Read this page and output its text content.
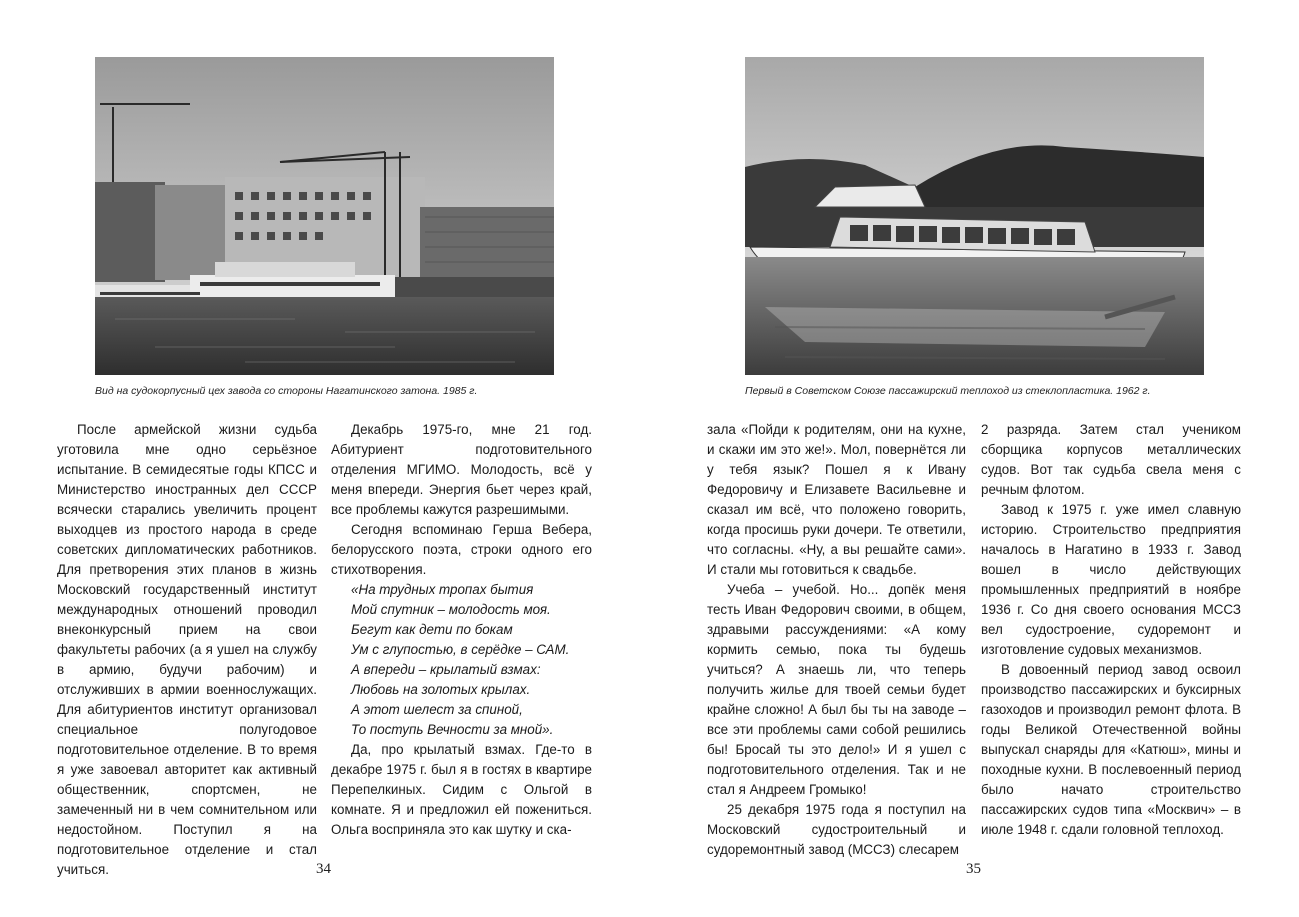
Вид на судокорпусный цех завода со стороны Нагатинского затона. 1985 г.	Первый в Советском Союзе пассажирский теплоход из стеклопластика. 1962 г.

После армейской жизни судьба уготовила мне одно серьёзное испытание. В семидесятые годы КПСС и Министерство иностранных дел СССР всячески старались увеличить процент выходцев из простого народа в среде советских дипломатических работников. Для претворения этих планов в жизнь Московский государственный институт международных отношений проводил внеконкурсный прием на свои факультеты рабочих (а я ушел на службу в армию, будучи рабочим) и отслуживших в армии военнослужащих. Для абитуриентов институт организовал специальное полугодовое подготовительное отделение. В то время я уже завоевал авторитет как активный общественник, спортсмен, не замеченный ни в чем сомнительном или недостойном. Поступил я на подготовительное отделение и стал учиться.

Декабрь 1975-го, мне 21 год. Абитуриент подготовительного отделения МГИМО. Молодость, всё у меня впереди. Энергия бьет через край, все проблемы кажутся разрешимыми.

Сегодня вспоминаю Герша Вебера, белорусского поэта, строки одного его стихотворения.

«На трудных тропах бытия

Мой спутник – молодость моя.

Бегут как дети по бокам

Ум с глупостью, в серёдке – САМ.

А впереди – крылатый взмах:

Любовь на золотых крылах.

А этот шелест за спиной,

То поступь Вечности за мной».

Да, про крылатый взмах. Где-то в декабре 1975 г. был я в гостях в квартире Перепелкиных. Сидим с Ольгой в комнате. Я и предложил ей пожениться. Ольга восприняла это как шутку и ска-

34

зала «Пойди к родителям, они на кухне, и скажи им это же!». Мол, повернётся ли у тебя язык? Пошел я к Ивану Федоровичу и Елизавете Васильевне и сказал им всё, что положено говорить, когда просишь руки дочери. Те ответили, что согласны. «Ну, а вы решайте сами». И стали мы готовиться к свадьбе.

Учеба – учебой. Но... допёк меня тесть Иван Федорович своими, в общем, здравыми рассуждениями: «А кому кормить семью, пока ты будешь учиться? А знаешь ли, что теперь получить жилье для твоей семьи будет крайне сложно! А был бы ты на заводе – все эти проблемы сами собой решились бы! Бросай ты это дело!» И я ушел с подготовительного отделения. Так и не стал я Андреем Громыко!

25 декабря 1975 года я поступил на Московский судостроительный и судоремонтный завод (МССЗ) слесарем

2 разряда. Затем стал учеником сборщика корпусов металлических судов. Вот так судьба свела меня с речным флотом.

Завод к 1975 г. уже имел славную историю. Строительство предприятия началось в Нагатино в 1933 г. Завод вошел в число действующих промышленных предприятий в ноябре 1936 г. Со дня своего основания МССЗ вел судостроение, судоремонт и изготовление судовых механизмов.

В довоенный период завод освоил производство пассажирских и буксирных газоходов и производил ремонт флота. В годы Великой Отечественной войны выпускал снаряды для «Катюш», мины и походные кухни. В послевоенный период было начато строительство пассажирских судов типа «Москвич» – в июле 1948 г. сдали головной теплоход.

35
